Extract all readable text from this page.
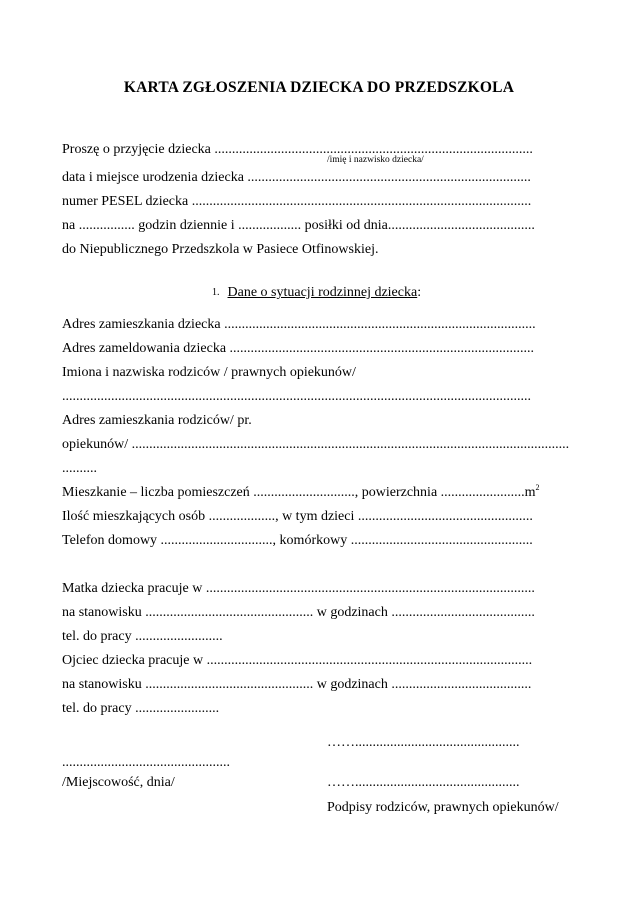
KARTA ZGŁOSZENIA DZIECKA DO PRZEDSZKOLA
Proszę o przyjęcie dziecka ...........................................................................................
/imię i nazwisko dziecka/
data i miejsce urodzenia dziecka .................................................................................
numer PESEL dziecka .................................................................................................
na ................ godzin dziennie i .................. posiłki od dnia..........................................
do Niepublicznego Przedszkola w Pasiece Otfinowskiej.
1. Dane o sytuacji rodzinnej dziecka:
Adres zamieszkania dziecka .........................................................................................
Adres zameldowania dziecka .......................................................................................
Imiona i nazwiska rodziców / prawnych opiekunów/
......................................................................................................................................
Adres zamieszkania rodziców/ pr.
opiekunów/ .............................................................................................................................
..........
Mieszkanie – liczba pomieszczeń ............................., powierzchnia $........................m^2$
Ilość mieszkających osób ..................., w tym dzieci ..................................................
Telefon domowy ................................, komórkowy ....................................................
Matka dziecka pracuje w ..............................................................................................
na stanowisku ................................................ w godzinach .........................................
tel. do pracy .........................
Ojciec dziecka pracuje w .............................................................................................
na stanowisku ................................................ w godzinach ........................................
tel. do pracy ........................
……...............................................
................................................
/Miejscowość, dnia/	……...............................................
Podpisy rodziców, prawnych opiekunów/
